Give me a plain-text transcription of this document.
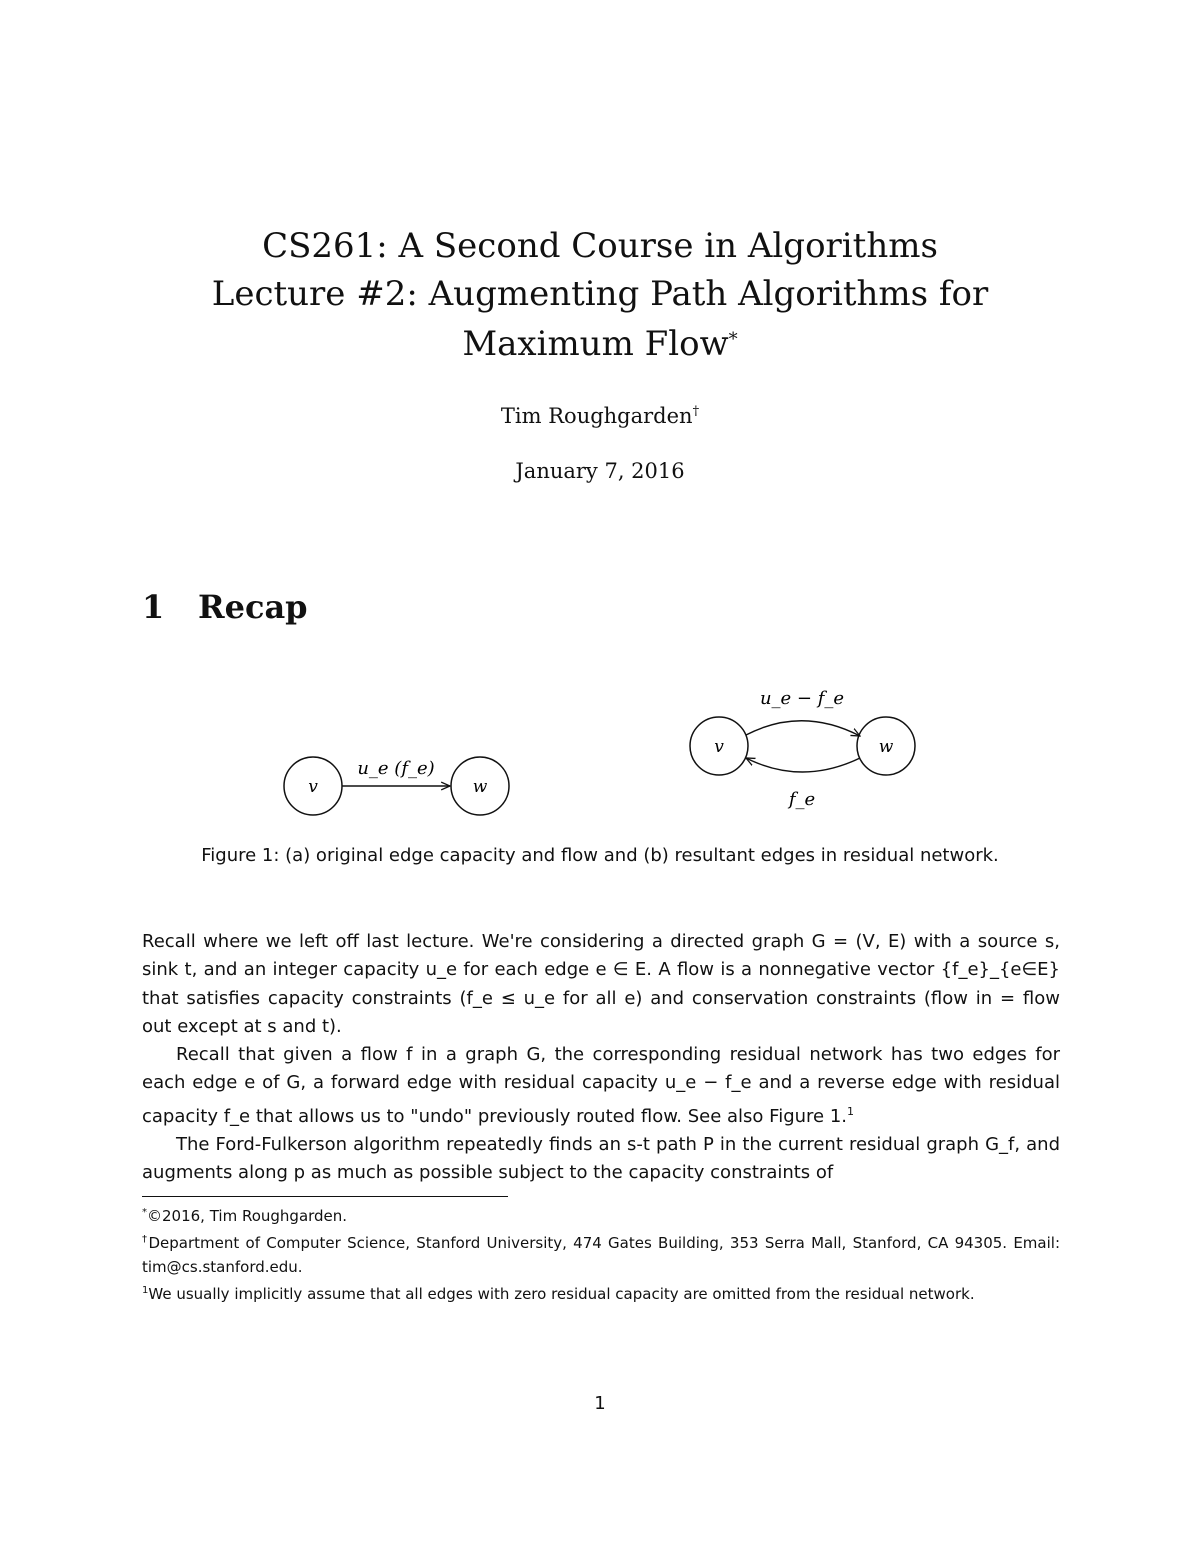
CS261: A Second Course in Algorithms
Lecture #2: Augmenting Path Algorithms for
Maximum Flow*
Tim Roughgarden†
January 7, 2016
1 Recap
v	w
u_e (f_e)
v	w
u_e − f_e
f_e
Figure 1: (a) original edge capacity and flow and (b) resultant edges in residual network.

Recall where we left off last lecture. We're considering a directed graph G = (V, E) with a source s, sink t, and an integer capacity u_e for each edge e ∈ E. A flow is a nonnegative vector {f_e}_{e∈E} that satisfies capacity constraints (f_e ≤ u_e for all e) and conservation constraints (flow in = flow out except at s and t).

Recall that given a flow f in a graph G, the corresponding residual network has two edges for each edge e of G, a forward edge with residual capacity u_e − f_e and a reverse edge with residual capacity f_e that allows us to "undo" previously routed flow. See also Figure 1.$^1$

The Ford-Fulkerson algorithm repeatedly finds an s-t path P in the current residual graph G_f, and augments along p as much as possible subject to the capacity constraints of

*©2016, Tim Roughgarden.

†Department of Computer Science, Stanford University, 474 Gates Building, 353 Serra Mall, Stanford, CA 94305. Email: tim@cs.stanford.edu.

$^1$We usually implicitly assume that all edges with zero residual capacity are omitted from the residual network.

1
